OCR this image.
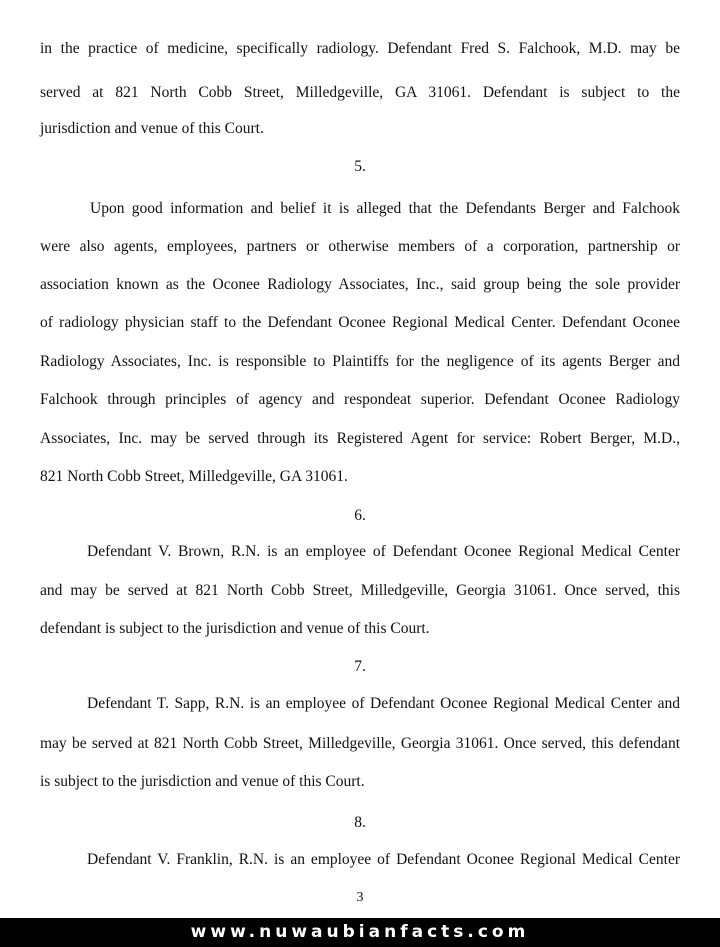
in the practice of medicine, specifically radiology. Defendant Fred S. Falchook, M.D. may be
served at 821 North Cobb Street, Milledgeville, GA 31061. Defendant is subject to the
jurisdiction and venue of this Court.
5.
Upon good information and belief it is alleged that the Defendants Berger and Falchook
were also agents, employees, partners or otherwise members of a corporation, partnership or
association known as the Oconee Radiology Associates, Inc., said group being the sole provider
of radiology physician staff to the Defendant Oconee Regional Medical Center. Defendant Oconee
Radiology Associates, Inc. is responsible to Plaintiffs for the negligence of its agents Berger and
Falchook through principles of agency and respondeat superior. Defendant Oconee Radiology
Associates, Inc. may be served through its Registered Agent for service: Robert Berger, M.D.,
821 North Cobb Street, Milledgeville, GA 31061.
6.
Defendant V. Brown, R.N. is an employee of Defendant Oconee Regional Medical Center
and may be served at 821 North Cobb Street, Milledgeville, Georgia 31061. Once served, this
defendant is subject to the jurisdiction and venue of this Court.
7.
Defendant T. Sapp, R.N. is an employee of Defendant Oconee Regional Medical Center and
may be served at 821 North Cobb Street, Milledgeville, Georgia 31061. Once served, this defendant
is subject to the jurisdiction and venue of this Court.
8.
Defendant V. Franklin, R.N. is an employee of Defendant Oconee Regional Medical Center
3
www.nuwaubianfacts.com
